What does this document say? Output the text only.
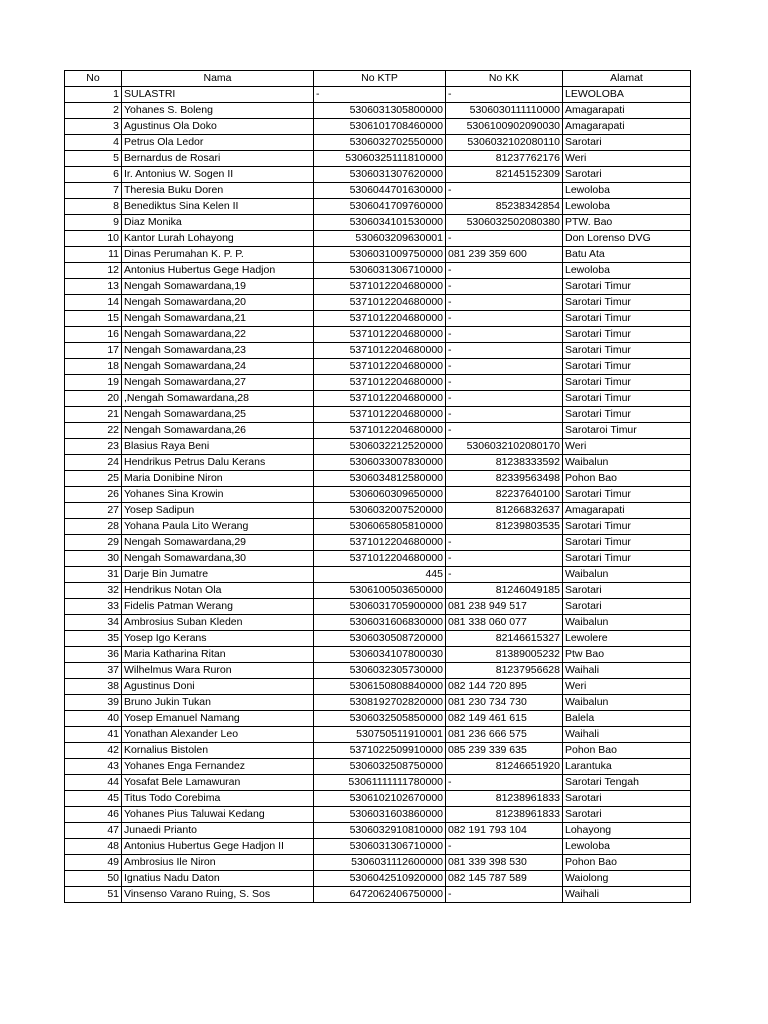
No	Nama	No KTP	No KK	Alamat
1	SULASTRI	-	-	LEWOLOBA
2	Yohanes S. Boleng	5306031305800000	5306030111110000	Amagarapati
3	Agustinus Ola Doko	5306101708460000	5306100902090030	Amagarapati
4	Petrus Ola Ledor	5306032702550000	5306032102080110	Sarotari
5	Bernardus de Rosari	53060325111810000	81237762176	Weri
6	Ir. Antonius W. Sogen II	5306031307620000	82145152309	Sarotari
7	Theresia Buku Doren	5306044701630000	-	Lewoloba
8	Benediktus Sina Kelen II	5306041709760000	85238342854	Lewoloba
9	Diaz Monika	5306034101530000	5306032502080380	PTW. Bao
10	Kantor Lurah Lohayong	530603209630001	-	Don Lorenso DVG
11	Dinas Perumahan K. P. P.	5306031009750000	081 239 359 600	Batu Ata
12	Antonius Hubertus Gege Hadjon	5306031306710000	-	Lewoloba
13	Nengah Somawardana,19	5371012204680000	-	Sarotari Timur
14	Nengah Somawardana,20	5371012204680000	-	Sarotari Timur
15	Nengah Somawardana,21	5371012204680000	-	Sarotari Timur
16	Nengah Somawardana,22	5371012204680000	-	Sarotari Timur
17	Nengah Somawardana,23	5371012204680000	-	Sarotari Timur
18	Nengah Somawardana,24	5371012204680000	-	Sarotari Timur
19	Nengah Somawardana,27	5371012204680000	-	Sarotari Timur
20	,Nengah Somawardana,28	5371012204680000	-	Sarotari Timur
21	Nengah Somawardana,25	5371012204680000	-	Sarotari Timur
22	Nengah Somawardana,26	5371012204680000	-	Sarotaroi Timur
23	Blasius Raya Beni	5306032212520000	5306032102080170	Weri
24	Hendrikus Petrus Dalu Kerans	5306033007830000	81238333592	Waibalun
25	Maria Donibine Niron	5306034812580000	82339563498	Pohon Bao
26	Yohanes Sina Krowin	5306060309650000	82237640100	Sarotari Timur
27	Yosep Sadipun	5306032007520000	81266832637	Amagarapati
28	Yohana Paula Lito Werang	5306065805810000	81239803535	Sarotari Timur
29	Nengah Somawardana,29	5371012204680000	-	Sarotari Timur
30	Nengah Somawardana,30	5371012204680000	-	Sarotari Timur
31	Darje Bin Jumatre	445	-	Waibalun
32	Hendrikus Notan Ola	5306100503650000	81246049185	Sarotari
33	Fidelis Patman Werang	5306031705900000	081 238 949 517	Sarotari
34	Ambrosius Suban Kleden	5306031606830000	081 338 060 077	Waibalun
35	Yosep Igo Kerans	5306030508720000	82146615327	Lewolere
36	Maria Katharina Ritan	5306034107800030	81389005232	Ptw Bao
37	Wilhelmus Wara Ruron	5306032305730000	81237956628	Waihali
38	Agustinus Doni	5306150808840000	082 144 720 895	Weri
39	Bruno Jukin Tukan	5308192702820000	081 230 734 730	Waibalun
40	Yosep Emanuel Namang	5306032505850000	082 149 461 615	Balela
41	Yonathan Alexander Leo	530750511910001	081 236 666 575	Waihali
42	Kornalius Bistolen	5371022509910000	085 239 339 635	Pohon Bao
43	Yohanes Enga Fernandez	5306032508750000	81246651920	Larantuka
44	Yosafat Bele Lamawuran	53061111111780000	-	Sarotari Tengah
45	Titus Todo Corebima	5306102102670000	81238961833	Sarotari
46	Yohanes Pius Taluwai Kedang	5306031603860000	81238961833	Sarotari
47	Junaedi Prianto	5306032910810000	082 191 793 104	Lohayong
48	Antonius Hubertus Gege Hadjon II	5306031306710000	-	Lewoloba
49	Ambrosius Ile Niron	5306031112600000	081 339 398 530	Pohon Bao
50	Ignatius Nadu Daton	5306042510920000	082 145 787 589	Waiolong
51	Vinsenso Varano Ruing, S. Sos	6472062406750000	-	Waihali
